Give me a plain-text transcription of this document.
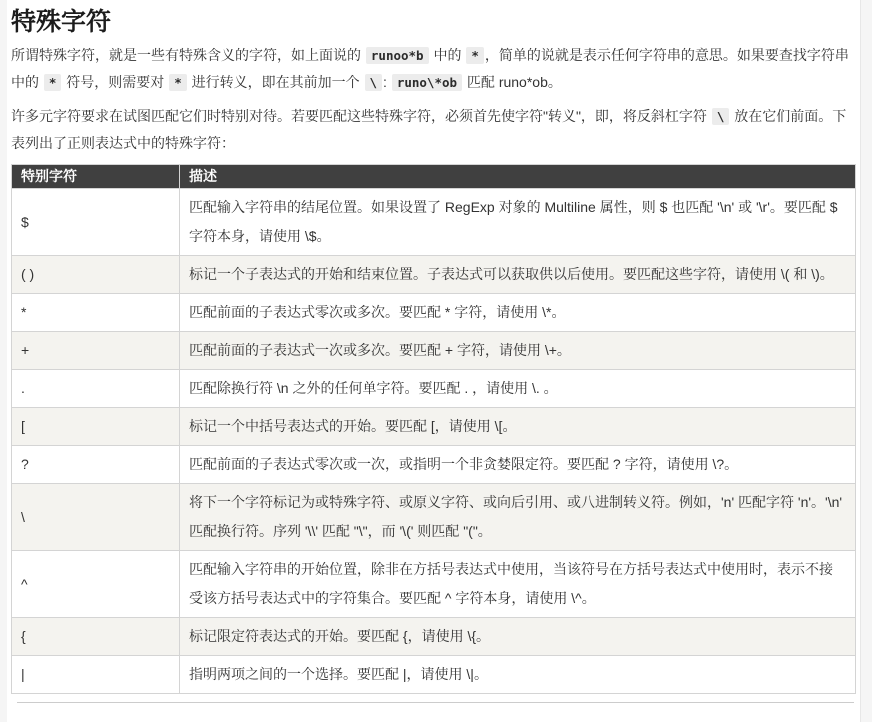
特殊字符

所谓特殊字符，就是一些有特殊含义的字符，如上面说的 runoo*b 中的 * ，简单的说就是表示任何字符串的意思。如果要查找字符串中的 * 符号，则需要对 * 进行转义，即在其前加一个 \ : runo\*ob 匹配 runo*ob。

许多元字符要求在试图匹配它们时特别对待。若要匹配这些特殊字符，必须首先使字符"转义"，即，将反斜杠字符 \ 放在它们前面。下表列出了正则表达式中的特殊字符：

特别字符	描述
$	匹配输入字符串的结尾位置。如果设置了 RegExp 对象的 Multiline 属性，则 $ 也匹配 '\n' 或 '\r'。要匹配 $ 字符本身，请使用 \$。
( )	标记一个子表达式的开始和结束位置。子表达式可以获取供以后使用。要匹配这些字符，请使用 \( 和 \)。
*	匹配前面的子表达式零次或多次。要匹配 * 字符，请使用 \*。
+	匹配前面的子表达式一次或多次。要匹配 + 字符，请使用 \+。
.	匹配除换行符 \n 之外的任何单字符。要匹配 . ，请使用 \. 。
[	标记一个中括号表达式的开始。要匹配 [，请使用 \[。
?	匹配前面的子表达式零次或一次，或指明一个非贪婪限定符。要匹配 ? 字符，请使用 \?。
\	将下一个字符标记为或特殊字符、或原义字符、或向后引用、或八进制转义符。例如，'n' 匹配字符 'n'。'\n' 匹配换行符。序列 '\\' 匹配 "\"，而 '\(' 则匹配 "("。
^	匹配输入字符串的开始位置，除非在方括号表达式中使用，当该符号在方括号表达式中使用时，表示不接受该方括号表达式中的字符集合。要匹配 ^ 字符本身，请使用 \^。
{	标记限定符表达式的开始。要匹配 {，请使用 \{。
|	指明两项之间的一个选择。要匹配 |，请使用 \|。
